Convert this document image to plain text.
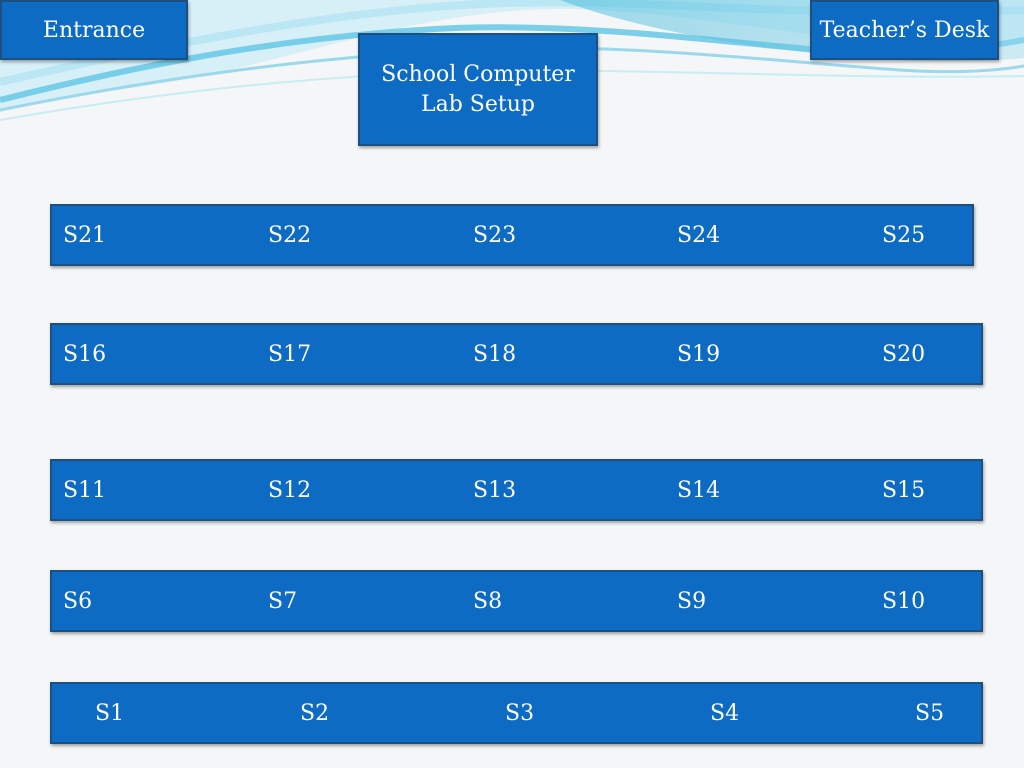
Entrance	Teacher’s Desk
School Computer Lab Setup
S21	S22	S23	S24	S25
S16	S17	S18	S19	S20
S11	S12	S13	S14	S15
S6	S7	S8	S9	S10
S1	S2	S3	S4	S5
